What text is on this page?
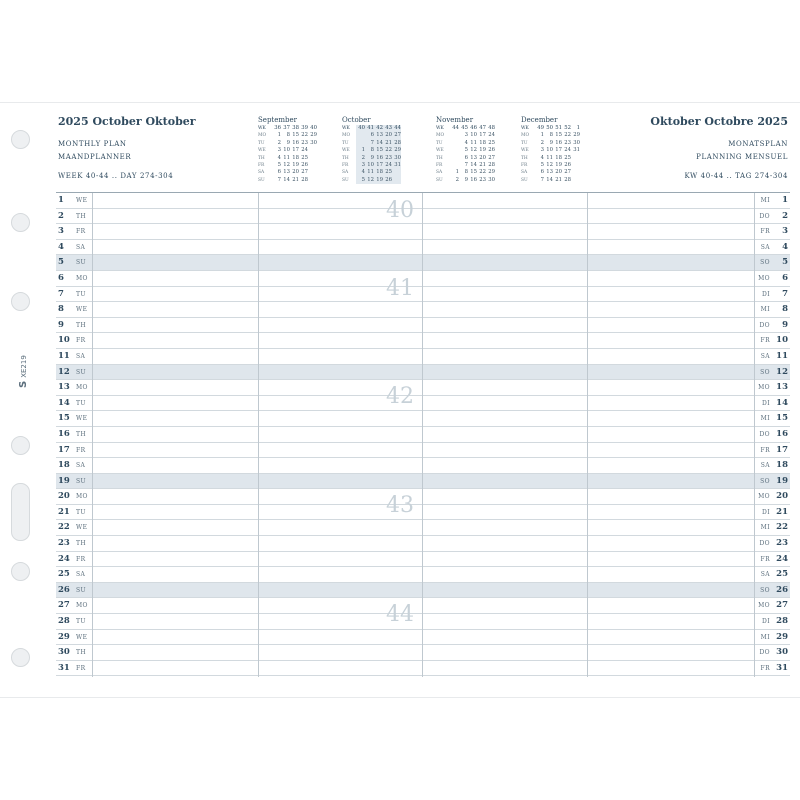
SXE219
2025 October Oktober
MONTHLY PLAN
MAANDPLANNER
WEEK 40-44 .. DAY 274-304
Oktober Octobre 2025
MONATSPLAN
PLANNING MENSUEL
KW 40-44 .. TAG 274-304
September
WK	36	37	38	39	40
MO	1	8	15	22	29
TU	2	9	16	23	30
WE	3	10	17	24	
TH	4	11	18	25	
FR	5	12	19	26	
SA	6	13	20	27	
SU	7	14	21	28	
October
WK	40	41	42	43	44
MO		6	13	20	27
TU		7	14	21	28
WE	1	8	15	22	29
TH	2	9	16	23	30
FR	3	10	17	24	31
SA	4	11	18	25	
SU	5	12	19	26	
November
WK	44	45	46	47	48
MO		3	10	17	24
TU		4	11	18	25
WE		5	12	19	26
TH		6	13	20	27
FR		7	14	21	28
SA	1	8	15	22	29
SU	2	9	16	23	30
December
WK	49	50	51	52	1
MO	1	8	15	22	29
TU	2	9	16	23	30
WE	3	10	17	24	31
TH	4	11	18	25	
FR	5	12	19	26	
SA	6	13	20	27	
SU	7	14	21	28	
1 WE	MI 1
2 TH	DO 2
3 FR	FR 3
4 SA	SA 4
5 SU	SO 5
6 MO	MO 6
7 TU	DI 7
8 WE	MI 8
9 TH	DO 9
10 FR	FR 10
11 SA	SA 11
12 SU	SO 12
13 MO	MO 13
14 TU	DI 14
15 WE	MI 15
16 TH	DO 16
17 FR	FR 17
18 SA	SA 18
19 SU	SO 19
20 MO	MO 20
21 TU	DI 21
22 WE	MI 22
23 TH	DO 23
24 FR	FR 24
25 SA	SA 25
26 SU	SO 26
27 MO	MO 27
28 TU	DI 28
29 WE	MI 29
30 TH	DO 30
31 FR	FR 31
40
41
42
43
44
